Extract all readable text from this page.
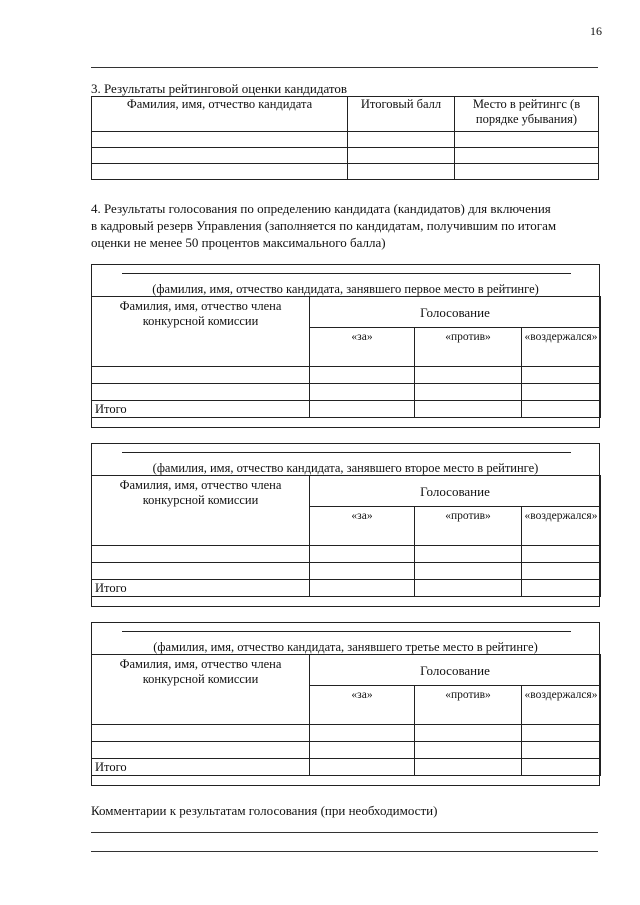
16
3. Результаты рейтинговой оценки кандидатов
Фамилия, имя, отчество кандидата	Итоговый балл	Место в рейтингс (в порядке убывания)

4. Результаты голосования по определению кандидата (кандидатов) для включения
в кадровый резерв Управления (заполняется по кандидатам, получившим по итогам
оценки не менее 50 процентов максимального балла)
(фамилия, имя, отчество кандидата, занявшего первое место в рейтинге)
Фамилия, имя, отчество члена конкурсной комиссии	Голосование		
	«за»	«против»	«воздержался»

Итого			
(фамилия, имя, отчество кандидата, занявшего второе место в рейтинге)
Фамилия, имя, отчество члена конкурсной комиссии	Голосование		
	«за»	«против»	«воздержался»

Итого			
(фамилия, имя, отчество кандидата, занявшего третье место в рейтинге)
Фамилия, имя, отчество члена конкурсной комиссии	Голосование		
	«за»	«против»	«воздержался»

Итого			
Комментарии к результатам голосования (при необходимости)
